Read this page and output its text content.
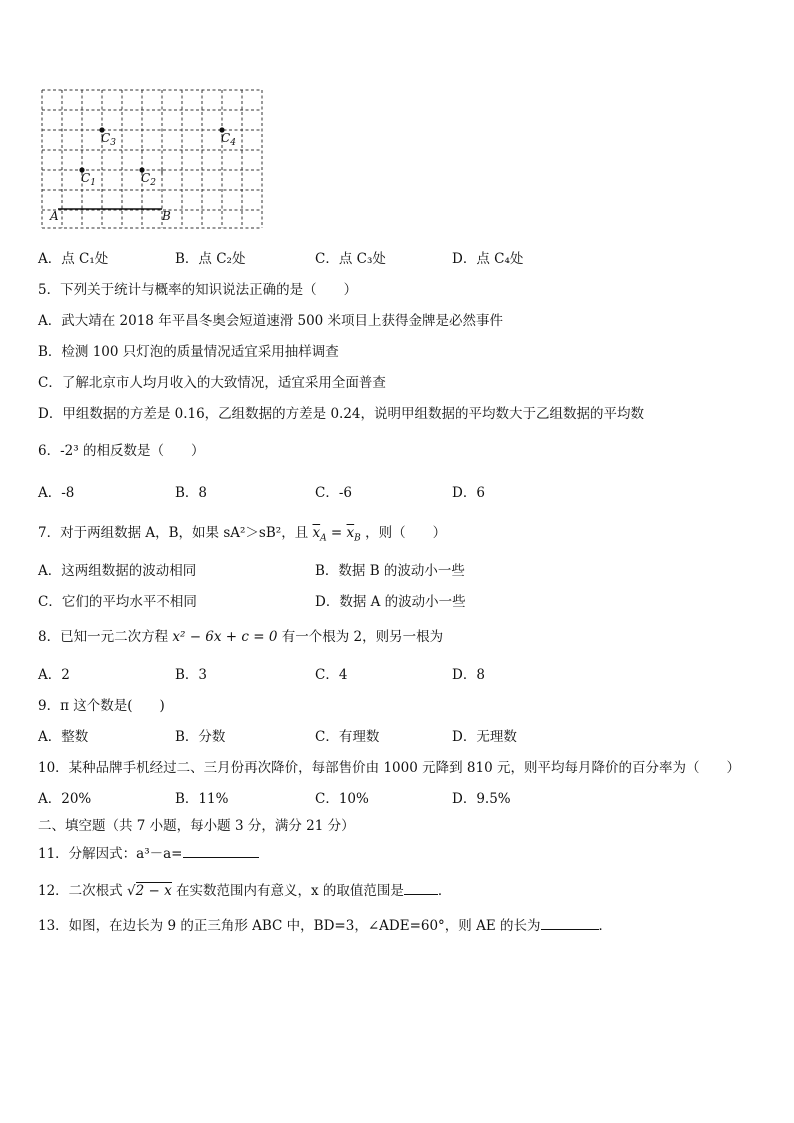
$C_3$	$C_4$
$C_1$	$C_2$
A	B
A．点 C₁处	B．点 C₂处	C．点 C₃处	D．点 C₄处
5．下列关于统计与概率的知识说法正确的是（　　）
A．武大靖在 2018 年平昌冬奥会短道速滑 500 米项目上获得金牌是必然事件
B．检测 100 只灯泡的质量情况适宜采用抽样调查
C．了解北京市人均月收入的大致情况，适宜采用全面普查
D．甲组数据的方差是 0.16，乙组数据的方差是 0.24，说明甲组数据的平均数大于乙组数据的平均数
6．-2³ 的相反数是（　　）
A．-8	B．8	C．-6	D．6
7．对于两组数据 A，B，如果 sA²＞sB²，且 $\overline{x}_A = \overline{x}_B$ ，则（　　）
A．这两组数据的波动相同	B．数据 B 的波动小一些
C．它们的平均水平不相同	D．数据 A 的波动小一些
8．已知一元二次方程 x² − 6x + c = 0 有一个根为 2，则另一根为
A．2	B．3	C．4	D．8
9．π 这个数是(　　)
A．整数	B．分数	C．有理数	D．无理数
10．某种品牌手机经过二、三月份再次降价，每部售价由 1000 元降到 810 元，则平均每月降价的百分率为（　　）
A．20%	B．11%	C．10%	D．9.5%
二、填空题（共 7 小题，每小题 3 分，满分 21 分）
11．分解因式：a³－a=
12．二次根式 √2 − x 在实数范围内有意义，x 的取值范围是	．
13．如图，在边长为 9 的正三角形 ABC 中，BD=3，∠ADE=60°，则 AE 的长为	．
